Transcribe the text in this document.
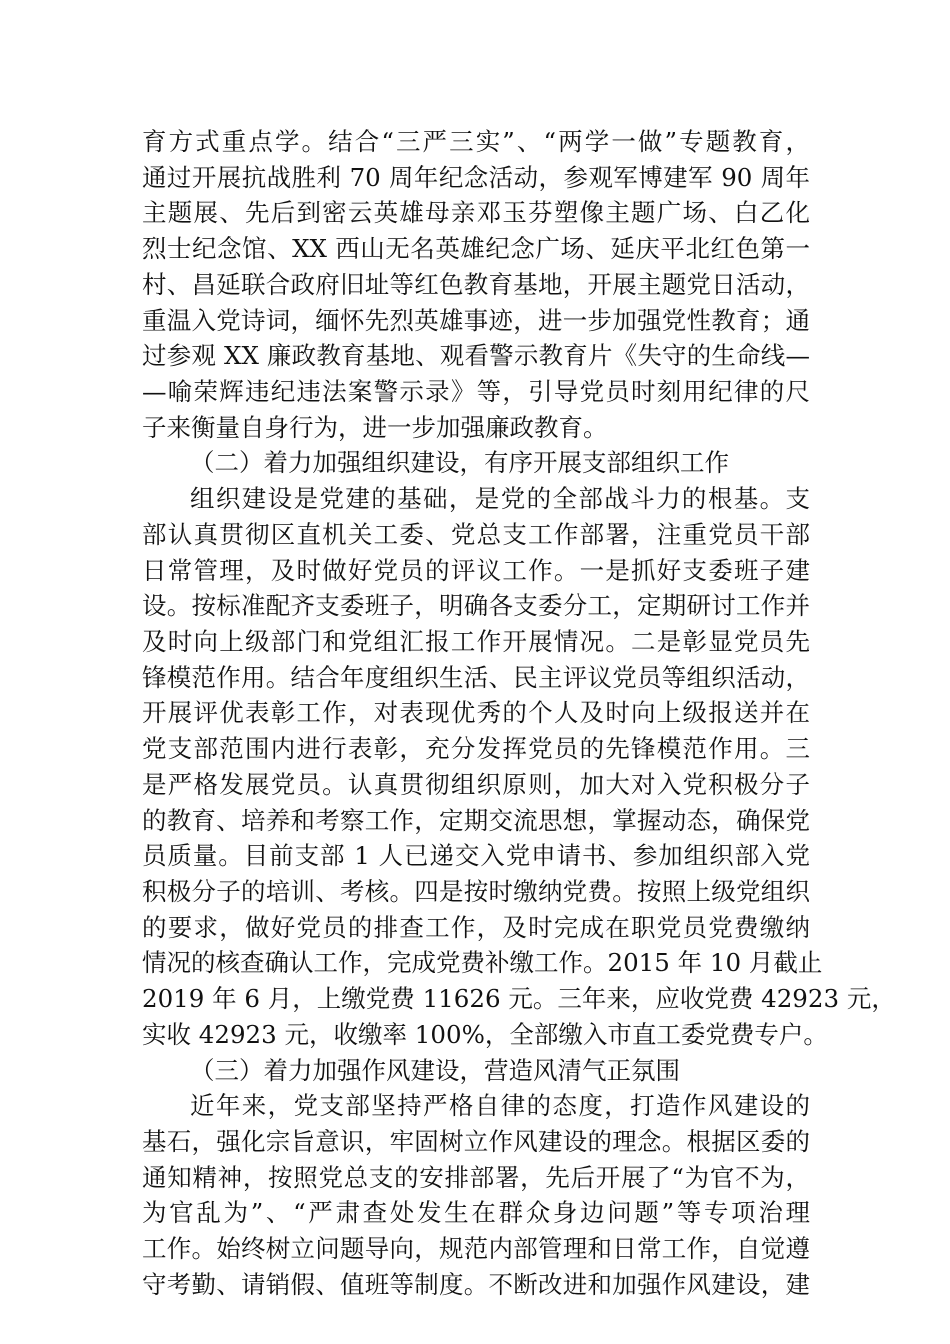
育方式重点学。结合“三严三实”、“两学一做”专题教育，
通过开展抗战胜利 70 周年纪念活动，参观军博建军 90 周年
主题展、先后到密云英雄母亲邓玉芬塑像主题广场、白乙化
烈士纪念馆、XX 西山无名英雄纪念广场、延庆平北红色第一
村、昌延联合政府旧址等红色教育基地，开展主题党日活动，
重温入党诗词，缅怀先烈英雄事迹，进一步加强党性教育；通
过参观 XX 廉政教育基地、观看警示教育片《失守的生命线—
—喻荣辉违纪违法案警示录》等，引导党员时刻用纪律的尺
子来衡量自身行为，进一步加强廉政教育。
（二）着力加强组织建设，有序开展支部组织工作
组织建设是党建的基础，是党的全部战斗力的根基。支
部认真贯彻区直机关工委、党总支工作部署，注重党员干部
日常管理，及时做好党员的评议工作。一是抓好支委班子建
设。按标准配齐支委班子，明确各支委分工，定期研讨工作并
及时向上级部门和党组汇报工作开展情况。二是彰显党员先
锋模范作用。结合年度组织生活、民主评议党员等组织活动，
开展评优表彰工作，对表现优秀的个人及时向上级报送并在
党支部范围内进行表彰，充分发挥党员的先锋模范作用。三
是严格发展党员。认真贯彻组织原则，加大对入党积极分子
的教育、培养和考察工作，定期交流思想，掌握动态，确保党
员质量。目前支部 1 人已递交入党申请书、参加组织部入党
积极分子的培训、考核。四是按时缴纳党费。按照上级党组织
的要求，做好党员的排查工作，及时完成在职党员党费缴纳
情况的核查确认工作，完成党费补缴工作。2015 年 10 月截止
2019 年 6 月，上缴党费 11626 元。三年来，应收党费 42923 元，
实收 42923 元，收缴率 100%，全部缴入市直工委党费专户。
（三）着力加强作风建设，营造风清气正氛围
近年来，党支部坚持严格自律的态度，打造作风建设的
基石，强化宗旨意识，牢固树立作风建设的理念。根据区委的
通知精神，按照党总支的安排部署，先后开展了“为官不为，
为官乱为”、“严肃查处发生在群众身边问题”等专项治理
工作。始终树立问题导向，规范内部管理和日常工作，自觉遵
守考勤、请销假、值班等制度。不断改进和加强作风建设，建
